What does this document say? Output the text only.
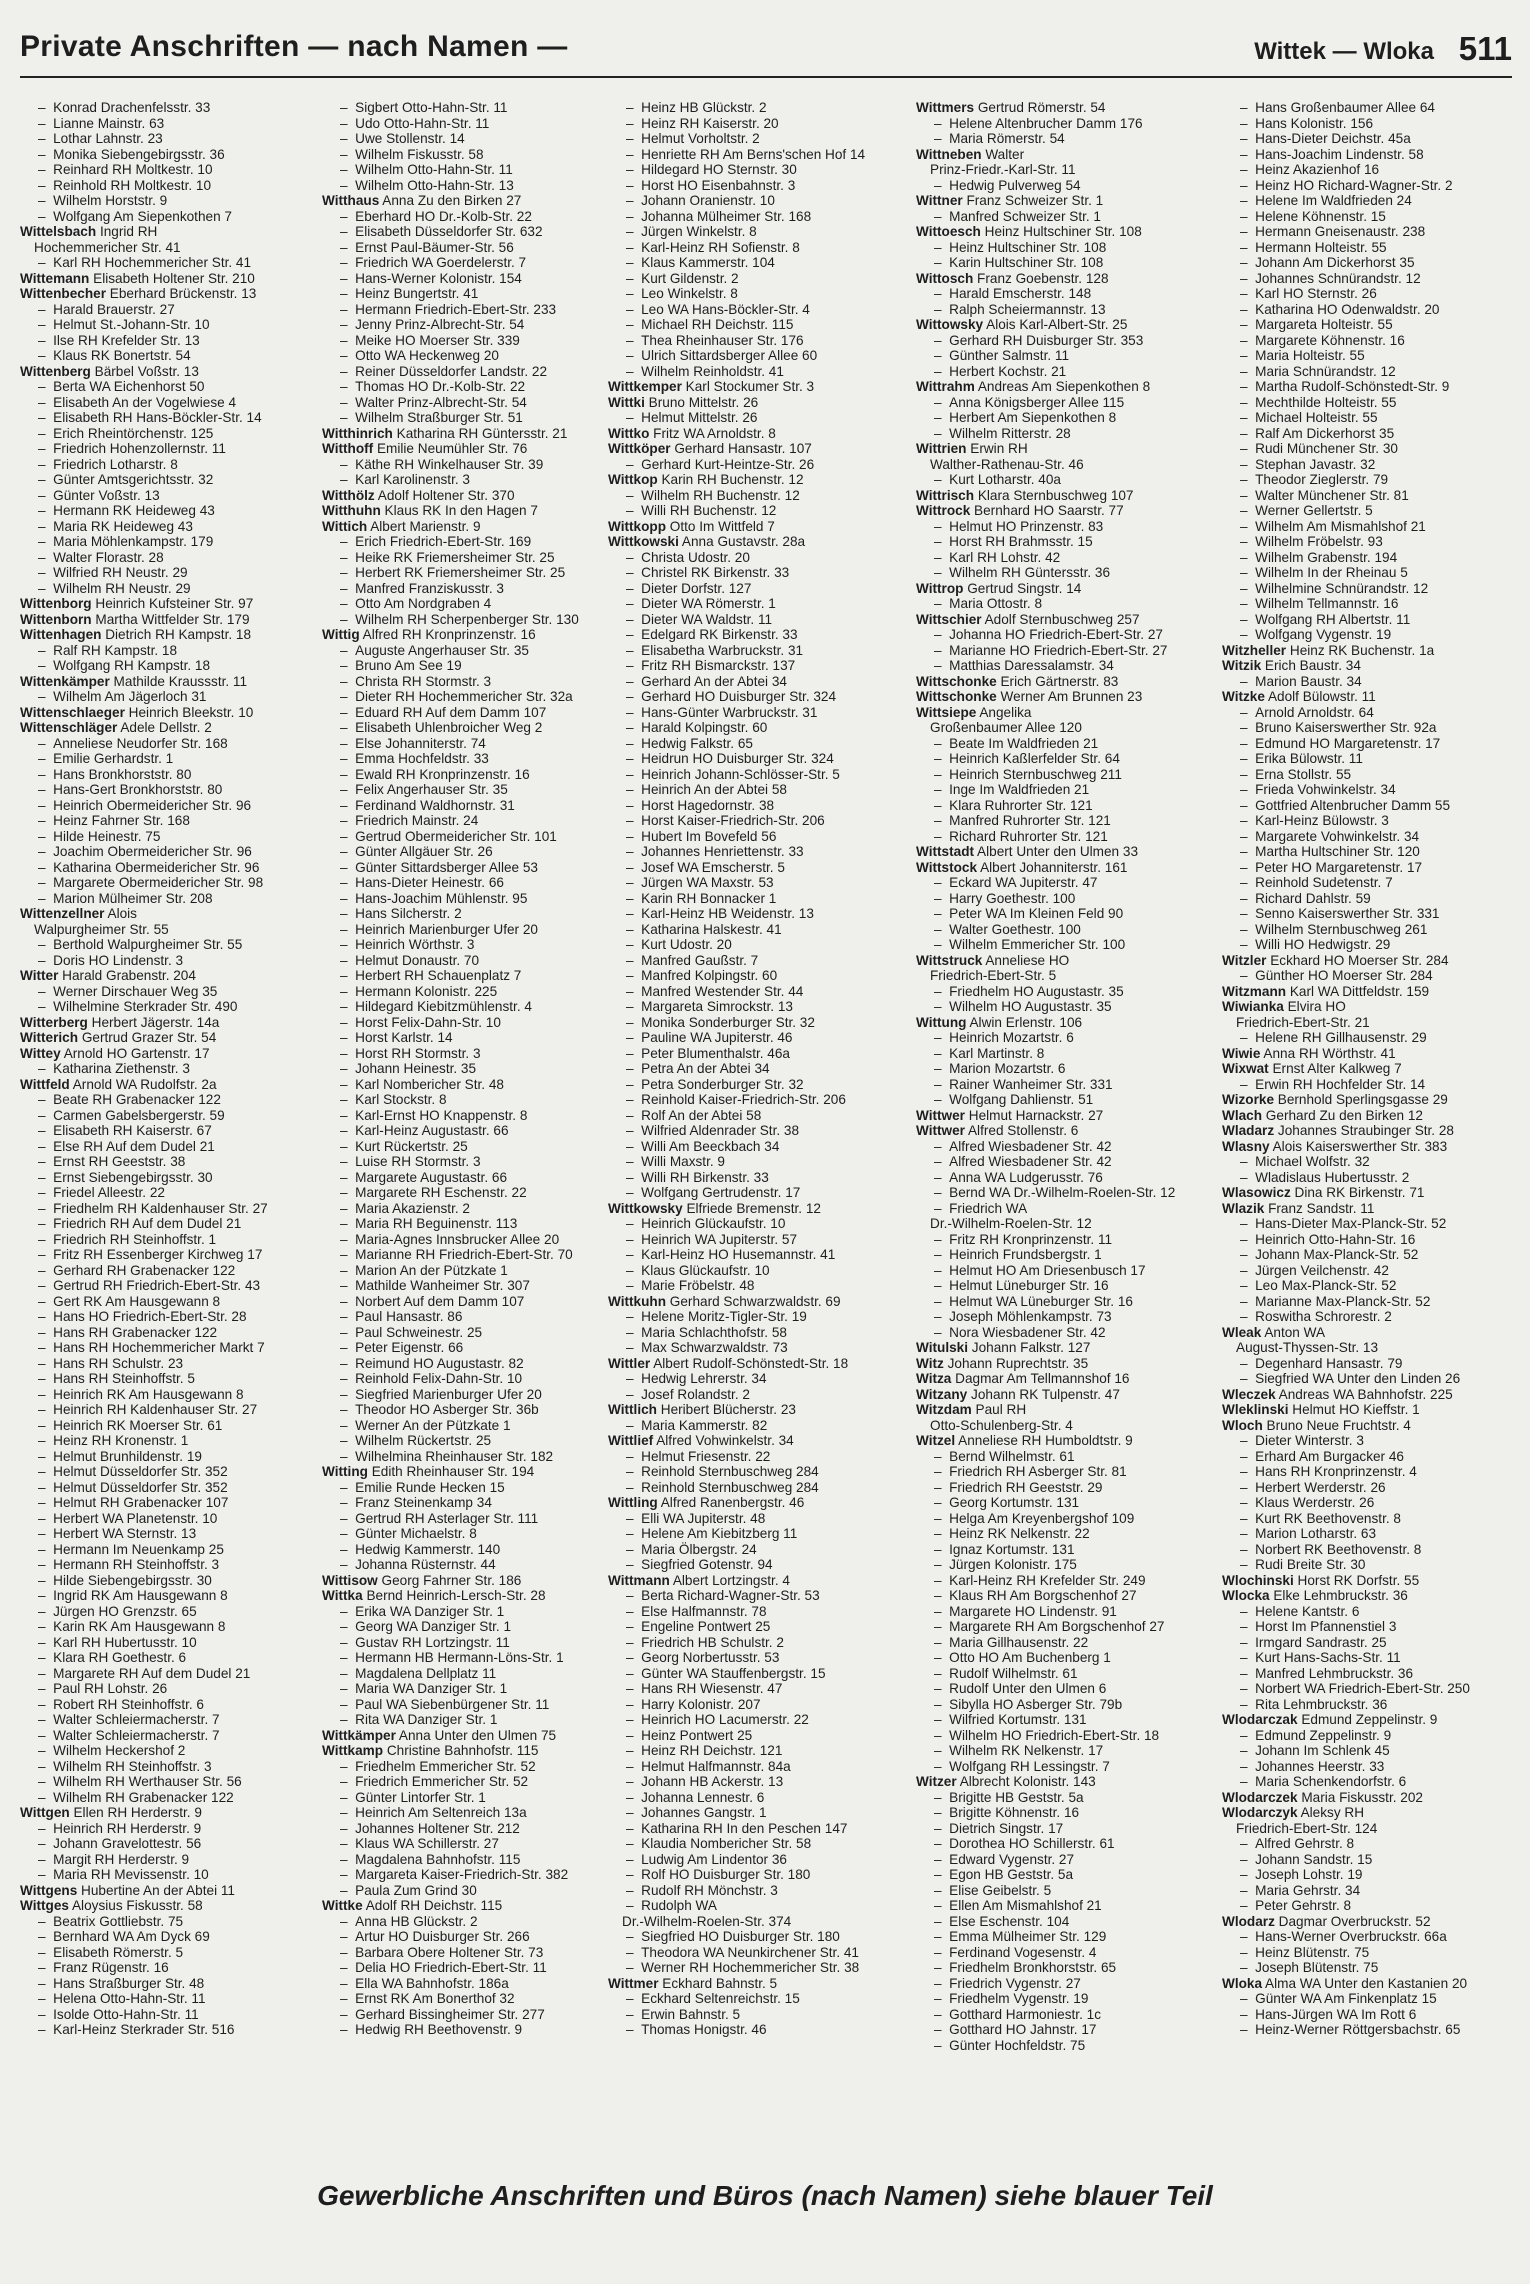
Private Anschriften — nach Namen —	Wittek — Wloka 511
–  Konrad Drachenfelsstr. 33
–  Lianne Mainstr. 63
–  Lothar Lahnstr. 23
–  Monika Siebengebirgsstr. 36
–  Reinhard RH Moltkestr. 10
–  Reinhold RH Moltkestr. 10
–  Wilhelm Horststr. 9
–  Wolfgang Am Siepenkothen 7
Wittelsbach Ingrid RH
Hochemmericher Str. 41
–  Karl RH Hochemmericher Str. 41
Wittemann Elisabeth Holtener Str. 210
Wittenbecher Eberhard Brückenstr. 13
–  Harald Brauerstr. 27
–  Helmut St.-Johann-Str. 10
–  Ilse RH Krefelder Str. 13
–  Klaus RK Bonertstr. 54
Wittenberg Bärbel Voßstr. 13
–  Berta WA Eichenhorst 50
–  Elisabeth An der Vogelwiese 4
–  Elisabeth RH Hans-Böckler-Str. 14
–  Erich Rheintörchenstr. 125
–  Friedrich Hohenzollernstr. 11
–  Friedrich Lotharstr. 8
–  Günter Amtsgerichtsstr. 32
–  Günter Voßstr. 13
–  Hermann RK Heideweg 43
–  Maria RK Heideweg 43
–  Maria Möhlenkampstr. 179
–  Walter Florastr. 28
–  Wilfried RH Neustr. 29
–  Wilhelm RH Neustr. 29
Wittenborg Heinrich Kufsteiner Str. 97
Wittenborn Martha Wittfelder Str. 179
Wittenhagen Dietrich RH Kampstr. 18
–  Ralf RH Kampstr. 18
–  Wolfgang RH Kampstr. 18
Wittenkämper Mathilde Kraussstr. 11
–  Wilhelm Am Jägerloch 31
Wittenschlaeger Heinrich Bleekstr. 10
Wittenschläger Adele Dellstr. 2
–  Anneliese Neudorfer Str. 168
–  Emilie Gerhardstr. 1
–  Hans Bronkhorststr. 80
–  Hans-Gert Bronkhorststr. 80
–  Heinrich Obermeidericher Str. 96
–  Heinz Fahrner Str. 168
–  Hilde Heinestr. 75
–  Joachim Obermeidericher Str. 96
–  Katharina Obermeidericher Str. 96
–  Margarete Obermeidericher Str. 98
–  Marion Mülheimer Str. 208
Wittenzellner Alois
Walpurgheimer Str. 55
–  Berthold Walpurgheimer Str. 55
–  Doris HO Lindenstr. 3
Witter Harald Grabenstr. 204
–  Werner Dirschauer Weg 35
–  Wilhelmine Sterkrader Str. 490
Witterberg Herbert Jägerstr. 14a
Witterich Gertrud Grazer Str. 54
Wittey Arnold HO Gartenstr. 17
–  Katharina Ziethenstr. 3
Wittfeld Arnold WA Rudolfstr. 2a
–  Beate RH Grabenacker 122
–  Carmen Gabelsbergerstr. 59
–  Elisabeth RH Kaiserstr. 67
–  Else RH Auf dem Dudel 21
–  Ernst RH Geeststr. 38
–  Ernst Siebengebirgsstr. 30
–  Friedel Alleestr. 22
–  Friedhelm RH Kaldenhauser Str. 27
–  Friedrich RH Auf dem Dudel 21
–  Friedrich RH Steinhoffstr. 1
–  Fritz RH Essenberger Kirchweg 17
–  Gerhard RH Grabenacker 122
–  Gertrud RH Friedrich-Ebert-Str. 43
–  Gert RK Am Hausgewann 8
–  Hans HO Friedrich-Ebert-Str. 28
–  Hans RH Grabenacker 122
–  Hans RH Hochemmericher Markt 7
–  Hans RH Schulstr. 23
–  Hans RH Steinhoffstr. 5
–  Heinrich RK Am Hausgewann 8
–  Heinrich RH Kaldenhauser Str. 27
–  Heinrich RK Moerser Str. 61
–  Heinz RH Kronenstr. 1
–  Helmut Brunhildenstr. 19
–  Helmut Düsseldorfer Str. 352
–  Helmut Düsseldorfer Str. 352
–  Helmut RH Grabenacker 107
–  Herbert WA Planetenstr. 10
–  Herbert WA Sternstr. 13
–  Hermann Im Neuenkamp 25
–  Hermann RH Steinhoffstr. 3
–  Hilde Siebengebirgsstr. 30
–  Ingrid RK Am Hausgewann 8
–  Jürgen HO Grenzstr. 65
–  Karin RK Am Hausgewann 8
–  Karl RH Hubertusstr. 10
–  Klara RH Goethestr. 6
–  Margarete RH Auf dem Dudel 21
–  Paul RH Lohstr. 26
–  Robert RH Steinhoffstr. 6
–  Walter Schleiermacherstr. 7
–  Walter Schleiermacherstr. 7
–  Wilhelm Heckershof 2
–  Wilhelm RH Steinhoffstr. 3
–  Wilhelm RH Werthauser Str. 56
–  Wilhelm RH Grabenacker 122
Wittgen Ellen RH Herderstr. 9
–  Heinrich RH Herderstr. 9
–  Johann Gravelottestr. 56
–  Margit RH Herderstr. 9
–  Maria RH Mevissenstr. 10
Wittgens Hubertine An der Abtei 11
Wittges Aloysius Fiskusstr. 58
–  Beatrix Gottliebstr. 75
–  Bernhard WA Am Dyck 69
–  Elisabeth Römerstr. 5
–  Franz Rügenstr. 16
–  Hans Straßburger Str. 48
–  Helena Otto-Hahn-Str. 11
–  Isolde Otto-Hahn-Str. 11
–  Karl-Heinz Sterkrader Str. 516
–  Sigbert Otto-Hahn-Str. 11
–  Udo Otto-Hahn-Str. 11
–  Uwe Stollenstr. 14
–  Wilhelm Fiskusstr. 58
–  Wilhelm Otto-Hahn-Str. 11
–  Wilhelm Otto-Hahn-Str. 13
Witthaus Anna Zu den Birken 27
–  Eberhard HO Dr.-Kolb-Str. 22
–  Elisabeth Düsseldorfer Str. 632
–  Ernst Paul-Bäumer-Str. 56
–  Friedrich WA Goerdelerstr. 7
–  Hans-Werner Kolonistr. 154
–  Heinz Bungertstr. 41
–  Hermann Friedrich-Ebert-Str. 233
–  Jenny Prinz-Albrecht-Str. 54
–  Meike HO Moerser Str. 339
–  Otto WA Heckenweg 20
–  Reiner Düsseldorfer Landstr. 22
–  Thomas HO Dr.-Kolb-Str. 22
–  Walter Prinz-Albrecht-Str. 54
–  Wilhelm Straßburger Str. 51
Witthinrich Katharina RH Güntersstr. 21
Witthoff Emilie Neumühler Str. 76
–  Käthe RH Winkelhauser Str. 39
–  Karl Karolinenstr. 3
Witthölz Adolf Holtener Str. 370
Witthuhn Klaus RK In den Hagen 7
Wittich Albert Marienstr. 9
–  Erich Friedrich-Ebert-Str. 169
–  Heike RK Friemersheimer Str. 25
–  Herbert RK Friemersheimer Str. 25
–  Manfred Franziskusstr. 3
–  Otto Am Nordgraben 4
–  Wilhelm RH Scherpenberger Str. 130
Wittig Alfred RH Kronprinzenstr. 16
–  Auguste Angerhauser Str. 35
–  Bruno Am See 19
–  Christa RH Stormstr. 3
–  Dieter RH Hochemmericher Str. 32a
–  Eduard RH Auf dem Damm 107
–  Elisabeth Uhlenbroicher Weg 2
–  Else Johanniterstr. 74
–  Emma Hochfeldstr. 33
–  Ewald RH Kronprinzenstr. 16
–  Felix Angerhauser Str. 35
–  Ferdinand Waldhornstr. 31
–  Friedrich Mainstr. 24
–  Gertrud Obermeidericher Str. 101
–  Günter Allgäuer Str. 26
–  Günter Sittardsberger Allee 53
–  Hans-Dieter Heinestr. 66
–  Hans-Joachim Mühlenstr. 95
–  Hans Silcherstr. 2
–  Heinrich Marienburger Ufer 20
–  Heinrich Wörthstr. 3
–  Helmut Donaustr. 70
–  Herbert RH Schauenplatz 7
–  Hermann Kolonistr. 225
–  Hildegard Kiebitzmühlenstr. 4
–  Horst Felix-Dahn-Str. 10
–  Horst Karlstr. 14
–  Horst RH Stormstr. 3
–  Johann Heinestr. 35
–  Karl Nombericher Str. 48
–  Karl Stockstr. 8
–  Karl-Ernst HO Knappenstr. 8
–  Karl-Heinz Augustastr. 66
–  Kurt Rückertstr. 25
–  Luise RH Stormstr. 3
–  Margarete Augustastr. 66
–  Margarete RH Eschenstr. 22
–  Maria Akazienstr. 2
–  Maria RH Beguinenstr. 113
–  Maria-Agnes Innsbrucker Allee 20
–  Marianne RH Friedrich-Ebert-Str. 70
–  Marion An der Pützkate 1
–  Mathilde Wanheimer Str. 307
–  Norbert Auf dem Damm 107
–  Paul Hansastr. 86
–  Paul Schweinestr. 25
–  Peter Eigenstr. 66
–  Reimund HO Augustastr. 82
–  Reinhold Felix-Dahn-Str. 10
–  Siegfried Marienburger Ufer 20
–  Theodor HO Asberger Str. 36b
–  Werner An der Pützkate 1
–  Wilhelm Rückertstr. 25
–  Wilhelmina Rheinhauser Str. 182
Witting Edith Rheinhauser Str. 194
–  Emilie Runde Hecken 15
–  Franz Steinenkamp 34
–  Gertrud RH Asterlager Str. 111
–  Günter Michaelstr. 8
–  Hedwig Kammerstr. 140
–  Johanna Rüsternstr. 44
Wittisow Georg Fahrner Str. 186
Wittka Bernd Heinrich-Lersch-Str. 28
–  Erika WA Danziger Str. 1
–  Georg WA Danziger Str. 1
–  Gustav RH Lortzingstr. 11
–  Hermann HB Hermann-Löns-Str. 1
–  Magdalena Dellplatz 11
–  Maria WA Danziger Str. 1
–  Paul WA Siebenbürgener Str. 11
–  Rita WA Danziger Str. 1
Wittkämper Anna Unter den Ulmen 75
Wittkamp Christine Bahnhofstr. 115
–  Friedhelm Emmericher Str. 52
–  Friedrich Emmericher Str. 52
–  Günter Lintorfer Str. 1
–  Heinrich Am Seltenreich 13a
–  Johannes Holtener Str. 212
–  Klaus WA Schillerstr. 27
–  Magdalena Bahnhofstr. 115
–  Margareta Kaiser-Friedrich-Str. 382
–  Paula Zum Grind 30
Wittke Adolf RH Deichstr. 115
–  Anna HB Glückstr. 2
–  Artur HO Duisburger Str. 266
–  Barbara Obere Holtener Str. 73
–  Delia HO Friedrich-Ebert-Str. 11
–  Ella WA Bahnhofstr. 186a
–  Ernst RK Am Bonerthof 32
–  Gerhard Bissingheimer Str. 277
–  Hedwig RH Beethovenstr. 9
–  Heinz HB Glückstr. 2
–  Heinz RH Kaiserstr. 20
–  Helmut Vorholtstr. 2
–  Henriette RH Am Berns'schen Hof 14
–  Hildegard HO Sternstr. 30
–  Horst HO Eisenbahnstr. 3
–  Johann Oranienstr. 10
–  Johanna Mülheimer Str. 168
–  Jürgen Winkelstr. 8
–  Karl-Heinz RH Sofienstr. 8
–  Klaus Kammerstr. 104
–  Kurt Gildenstr. 2
–  Leo Winkelstr. 8
–  Leo WA Hans-Böckler-Str. 4
–  Michael RH Deichstr. 115
–  Thea Rheinhauser Str. 176
–  Ulrich Sittardsberger Allee 60
–  Wilhelm Reinholdstr. 41
Wittkemper Karl Stockumer Str. 3
Wittki Bruno Mittelstr. 26
–  Helmut Mittelstr. 26
Wittko Fritz WA Arnoldstr. 8
Wittköper Gerhard Hansastr. 107
–  Gerhard Kurt-Heintze-Str. 26
Wittkop Karin RH Buchenstr. 12
–  Wilhelm RH Buchenstr. 12
–  Willi RH Buchenstr. 12
Wittkopp Otto Im Wittfeld 7
Wittkowski Anna Gustavstr. 28a
–  Christa Udostr. 20
–  Christel RK Birkenstr. 33
–  Dieter Dorfstr. 127
–  Dieter WA Römerstr. 1
–  Dieter WA Waldstr. 11
–  Edelgard RK Birkenstr. 33
–  Elisabetha Warbruckstr. 31
–  Fritz RH Bismarckstr. 137
–  Gerhard An der Abtei 34
–  Gerhard HO Duisburger Str. 324
–  Hans-Günter Warbruckstr. 31
–  Harald Kolpingstr. 60
–  Hedwig Falkstr. 65
–  Heidrun HO Duisburger Str. 324
–  Heinrich Johann-Schlösser-Str. 5
–  Heinrich An der Abtei 58
–  Horst Hagedornstr. 38
–  Horst Kaiser-Friedrich-Str. 206
–  Hubert Im Bovefeld 56
–  Johannes Henriettenstr. 33
–  Josef WA Emscherstr. 5
–  Jürgen WA Maxstr. 53
–  Karin RH Bonnacker 1
–  Karl-Heinz HB Weidenstr. 13
–  Katharina Halskestr. 41
–  Kurt Udostr. 20
–  Manfred Gaußstr. 7
–  Manfred Kolpingstr. 60
–  Manfred Westender Str. 44
–  Margareta Simrockstr. 13
–  Monika Sonderburger Str. 32
–  Pauline WA Jupiterstr. 46
–  Peter Blumenthalstr. 46a
–  Petra An der Abtei 34
–  Petra Sonderburger Str. 32
–  Reinhold Kaiser-Friedrich-Str. 206
–  Rolf An der Abtei 58
–  Wilfried Aldenrader Str. 38
–  Willi Am Beeckbach 34
–  Willi Maxstr. 9
–  Willi RH Birkenstr. 33
–  Wolfgang Gertrudenstr. 17
Wittkowsky Elfriede Bremenstr. 12
–  Heinrich Glückaufstr. 10
–  Heinrich WA Jupiterstr. 57
–  Karl-Heinz HO Husemannstr. 41
–  Klaus Glückaufstr. 10
–  Marie Fröbelstr. 48
Wittkuhn Gerhard Schwarzwaldstr. 69
–  Helene Moritz-Tigler-Str. 19
–  Maria Schlachthofstr. 58
–  Max Schwarzwaldstr. 73
Wittler Albert Rudolf-Schönstedt-Str. 18
–  Hedwig Lehrerstr. 34
–  Josef Rolandstr. 2
Wittlich Heribert Blücherstr. 23
–  Maria Kammerstr. 82
Wittlief Alfred Vohwinkelstr. 34
–  Helmut Friesenstr. 22
–  Reinhold Sternbuschweg 284
–  Reinhold Sternbuschweg 284
Wittling Alfred Ranenbergstr. 46
–  Elli WA Jupiterstr. 48
–  Helene Am Kiebitzberg 11
–  Maria Ölbergstr. 24
–  Siegfried Gotenstr. 94
Wittmann Albert Lortzingstr. 4
–  Berta Richard-Wagner-Str. 53
–  Else Halfmannstr. 78
–  Engeline Pontwert 25
–  Friedrich HB Schulstr. 2
–  Georg Norbertusstr. 53
–  Günter WA Stauffenbergstr. 15
–  Hans RH Wiesenstr. 47
–  Harry Kolonistr. 207
–  Heinrich HO Lacumerstr. 22
–  Heinz Pontwert 25
–  Heinz RH Deichstr. 121
–  Helmut Halfmannstr. 84a
–  Johann HB Ackerstr. 13
–  Johanna Lennestr. 6
–  Johannes Gangstr. 1
–  Katharina RH In den Peschen 147
–  Klaudia Nombericher Str. 58
–  Ludwig Am Lindentor 36
–  Rolf HO Duisburger Str. 180
–  Rudolf RH Mönchstr. 3
–  Rudolph WA
Dr.-Wilhelm-Roelen-Str. 374
–  Siegfried HO Duisburger Str. 180
–  Theodora WA Neunkirchener Str. 41
–  Werner RH Hochemmericher Str. 38
Wittmer Eckhard Bahnstr. 5
–  Eckhard Seltenreichstr. 15
–  Erwin Bahnstr. 5
–  Thomas Honigstr. 46
Wittmers Gertrud Römerstr. 54
–  Helene Altenbrucher Damm 176
–  Maria Römerstr. 54
Wittneben Walter
Prinz-Friedr.-Karl-Str. 11
–  Hedwig Pulverweg 54
Wittner Franz Schweizer Str. 1
–  Manfred Schweizer Str. 1
Wittoesch Heinz Hultschiner Str. 108
–  Heinz Hultschiner Str. 108
–  Karin Hultschiner Str. 108
Wittosch Franz Goebenstr. 128
–  Harald Emscherstr. 148
–  Ralph Scheiermannstr. 13
Wittowsky Alois Karl-Albert-Str. 25
–  Gerhard RH Duisburger Str. 353
–  Günther Salmstr. 11
–  Herbert Kochstr. 21
Wittrahm Andreas Am Siepenkothen 8
–  Anna Königsberger Allee 115
–  Herbert Am Siepenkothen 8
–  Wilhelm Ritterstr. 28
Wittrien Erwin RH
Walther-Rathenau-Str. 46
–  Kurt Lotharstr. 40a
Wittrisch Klara Sternbuschweg 107
Wittrock Bernhard HO Saarstr. 77
–  Helmut HO Prinzenstr. 83
–  Horst RH Brahmsstr. 15
–  Karl RH Lohstr. 42
–  Wilhelm RH Güntersstr. 36
Wittrop Gertrud Singstr. 14
–  Maria Ottostr. 8
Wittschier Adolf Sternbuschweg 257
–  Johanna HO Friedrich-Ebert-Str. 27
–  Marianne HO Friedrich-Ebert-Str. 27
–  Matthias Daressalamstr. 34
Wittschonke Erich Gärtnerstr. 83
Wittschonke Werner Am Brunnen 23
Wittsiepe Angelika
Großenbaumer Allee 120
–  Beate Im Waldfrieden 21
–  Heinrich Kaßlerfelder Str. 64
–  Heinrich Sternbuschweg 211
–  Inge Im Waldfrieden 21
–  Klara Ruhrorter Str. 121
–  Manfred Ruhrorter Str. 121
–  Richard Ruhrorter Str. 121
Wittstadt Albert Unter den Ulmen 33
Wittstock Albert Johanniterstr. 161
–  Eckard WA Jupiterstr. 47
–  Harry Goethestr. 100
–  Peter WA Im Kleinen Feld 90
–  Walter Goethestr. 100
–  Wilhelm Emmericher Str. 100
Wittstruck Anneliese HO
Friedrich-Ebert-Str. 5
–  Friedhelm HO Augustastr. 35
–  Wilhelm HO Augustastr. 35
Wittung Alwin Erlenstr. 106
–  Heinrich Mozartstr. 6
–  Karl Martinstr. 8
–  Marion Mozartstr. 6
–  Rainer Wanheimer Str. 331
–  Wolfgang Dahlienstr. 51
Wittwer Helmut Harnackstr. 27
Wittwer Alfred Stollenstr. 6
–  Alfred Wiesbadener Str. 42
–  Alfred Wiesbadener Str. 42
–  Anna WA Ludgerusstr. 76
–  Bernd WA Dr.-Wilhelm-Roelen-Str. 12
–  Friedrich WA
Dr.-Wilhelm-Roelen-Str. 12
–  Fritz RH Kronprinzenstr. 11
–  Heinrich Frundsbergstr. 1
–  Helmut HO Am Driesenbusch 17
–  Helmut Lüneburger Str. 16
–  Helmut WA Lüneburger Str. 16
–  Joseph Möhlenkampstr. 73
–  Nora Wiesbadener Str. 42
Witulski Johann Falkstr. 127
Witz Johann Ruprechtstr. 35
Witza Dagmar Am Tellmannshof 16
Witzany Johann RK Tulpenstr. 47
Witzdam Paul RH
Otto-Schulenberg-Str. 4
Witzel Anneliese RH Humboldtstr. 9
–  Bernd Wilhelmstr. 61
–  Friedrich RH Asberger Str. 81
–  Friedrich RH Geeststr. 29
–  Georg Kortumstr. 131
–  Helga Am Kreyenbergshof 109
–  Heinz RK Nelkenstr. 22
–  Ignaz Kortumstr. 131
–  Jürgen Kolonistr. 175
–  Karl-Heinz RH Krefelder Str. 249
–  Klaus RH Am Borgschenhof 27
–  Margarete HO Lindenstr. 91
–  Margarete RH Am Borgschenhof 27
–  Maria Gillhausenstr. 22
–  Otto HO Am Buchenberg 1
–  Rudolf Wilhelmstr. 61
–  Rudolf Unter den Ulmen 6
–  Sibylla HO Asberger Str. 79b
–  Wilfried Kortumstr. 131
–  Wilhelm HO Friedrich-Ebert-Str. 18
–  Wilhelm RK Nelkenstr. 17
–  Wolfgang RH Lessingstr. 7
Witzer Albrecht Kolonistr. 143
–  Brigitte HB Geststr. 5a
–  Brigitte Köhnenstr. 16
–  Dietrich Singstr. 17
–  Dorothea HO Schillerstr. 61
–  Edward Vygenstr. 27
–  Egon HB Geststr. 5a
–  Elise Geibelstr. 5
–  Ellen Am Mismahlshof 21
–  Else Eschenstr. 104
–  Emma Mülheimer Str. 129
–  Ferdinand Vogesenstr. 4
–  Friedhelm Bronkhorststr. 65
–  Friedrich Vygenstr. 27
–  Friedhelm Vygenstr. 19
–  Gotthard Harmoniestr. 1c
–  Gotthard HO Jahnstr. 17
–  Günter Hochfeldstr. 75
–  Hans Großenbaumer Allee 64
–  Hans Kolonistr. 156
–  Hans-Dieter Deichstr. 45a
–  Hans-Joachim Lindenstr. 58
–  Heinz Akazienhof 16
–  Heinz HO Richard-Wagner-Str. 2
–  Helene Im Waldfrieden 24
–  Helene Köhnenstr. 15
–  Hermann Gneisenaustr. 238
–  Hermann Holteistr. 55
–  Johann Am Dickerhorst 35
–  Johannes Schnürandstr. 12
–  Karl HO Sternstr. 26
–  Katharina HO Odenwaldstr. 20
–  Margareta Holteistr. 55
–  Margarete Köhnenstr. 16
–  Maria Holteistr. 55
–  Maria Schnürandstr. 12
–  Martha Rudolf-Schönstedt-Str. 9
–  Mechthilde Holteistr. 55
–  Michael Holteistr. 55
–  Ralf Am Dickerhorst 35
–  Rudi Münchener Str. 30
–  Stephan Javastr. 32
–  Theodor Zieglerstr. 79
–  Walter Münchener Str. 81
–  Werner Gellertstr. 5
–  Wilhelm Am Mismahlshof 21
–  Wilhelm Fröbelstr. 93
–  Wilhelm Grabenstr. 194
–  Wilhelm In der Rheinau 5
–  Wilhelmine Schnürandstr. 12
–  Wilhelm Tellmannstr. 16
–  Wolfgang RH Albertstr. 11
–  Wolfgang Vygenstr. 19
Witzheller Heinz RK Buchenstr. 1a
Witzik Erich Baustr. 34
–  Marion Baustr. 34
Witzke Adolf Bülowstr. 11
–  Arnold Arnoldstr. 64
–  Bruno Kaiserswerther Str. 92a
–  Edmund HO Margaretenstr. 17
–  Erika Bülowstr. 11
–  Erna Stollstr. 55
–  Frieda Vohwinkelstr. 34
–  Gottfried Altenbrucher Damm 55
–  Karl-Heinz Bülowstr. 3
–  Margarete Vohwinkelstr. 34
–  Martha Hultschiner Str. 120
–  Peter HO Margaretenstr. 17
–  Reinhold Sudetenstr. 7
–  Richard Dahlstr. 59
–  Senno Kaiserswerther Str. 331
–  Wilhelm Sternbuschweg 261
–  Willi HO Hedwigstr. 29
Witzler Eckhard HO Moerser Str. 284
–  Günther HO Moerser Str. 284
Witzmann Karl WA Dittfeldstr. 159
Wiwianka Elvira HO
Friedrich-Ebert-Str. 21
–  Helene RH Gillhausenstr. 29
Wiwie Anna RH Wörthstr. 41
Wixwat Ernst Alter Kalkweg 7
–  Erwin RH Hochfelder Str. 14
Wizorke Bernhold Sperlingsgasse 29
Wlach Gerhard Zu den Birken 12
Wladarz Johannes Straubinger Str. 28
Wlasny Alois Kaiserswerther Str. 383
–  Michael Wolfstr. 32
–  Wladislaus Hubertusstr. 2
Wlasowicz Dina RK Birkenstr. 71
Wlazik Franz Sandstr. 11
–  Hans-Dieter Max-Planck-Str. 52
–  Heinrich Otto-Hahn-Str. 16
–  Johann Max-Planck-Str. 52
–  Jürgen Veilchenstr. 42
–  Leo Max-Planck-Str. 52
–  Marianne Max-Planck-Str. 52
–  Roswitha Schrorestr. 2
Wleak Anton WA
August-Thyssen-Str. 13
–  Degenhard Hansastr. 79
–  Siegfried WA Unter den Linden 26
Wleczek Andreas WA Bahnhofstr. 225
Wleklinski Helmut HO Kieffstr. 1
Wloch Bruno Neue Fruchtstr. 4
–  Dieter Winterstr. 3
–  Erhard Am Burgacker 46
–  Hans RH Kronprinzenstr. 4
–  Herbert Werderstr. 26
–  Klaus Werderstr. 26
–  Kurt RK Beethovenstr. 8
–  Marion Lotharstr. 63
–  Norbert RK Beethovenstr. 8
–  Rudi Breite Str. 30
Wlochinski Horst RK Dorfstr. 55
Wlocka Elke Lehmbruckstr. 36
–  Helene Kantstr. 6
–  Horst Im Pfannenstiel 3
–  Irmgard Sandrastr. 25
–  Kurt Hans-Sachs-Str. 11
–  Manfred Lehmbruckstr. 36
–  Norbert WA Friedrich-Ebert-Str. 250
–  Rita Lehmbruckstr. 36
Wlodarczak Edmund Zeppelinstr. 9
–  Edmund Zeppelinstr. 9
–  Johann Im Schlenk 45
–  Johannes Heerstr. 33
–  Maria Schenkendorfstr. 6
Wlodarczek Maria Fiskusstr. 202
Wlodarczyk Aleksy RH
Friedrich-Ebert-Str. 124
–  Alfred Gehrstr. 8
–  Johann Sandstr. 15
–  Joseph Lohstr. 19
–  Maria Gehrstr. 34
–  Peter Gehrstr. 8
Wlodarz Dagmar Overbruckstr. 52
–  Hans-Werner Overbruckstr. 66a
–  Heinz Blütenstr. 75
–  Joseph Blütenstr. 75
Wloka Alma WA Unter den Kastanien 20
–  Günter WA Am Finkenplatz 15
–  Hans-Jürgen WA Im Rott 6
–  Heinz-Werner Röttgersbachstr. 65
Gewerbliche Anschriften und Büros (nach Namen) siehe blauer Teil
